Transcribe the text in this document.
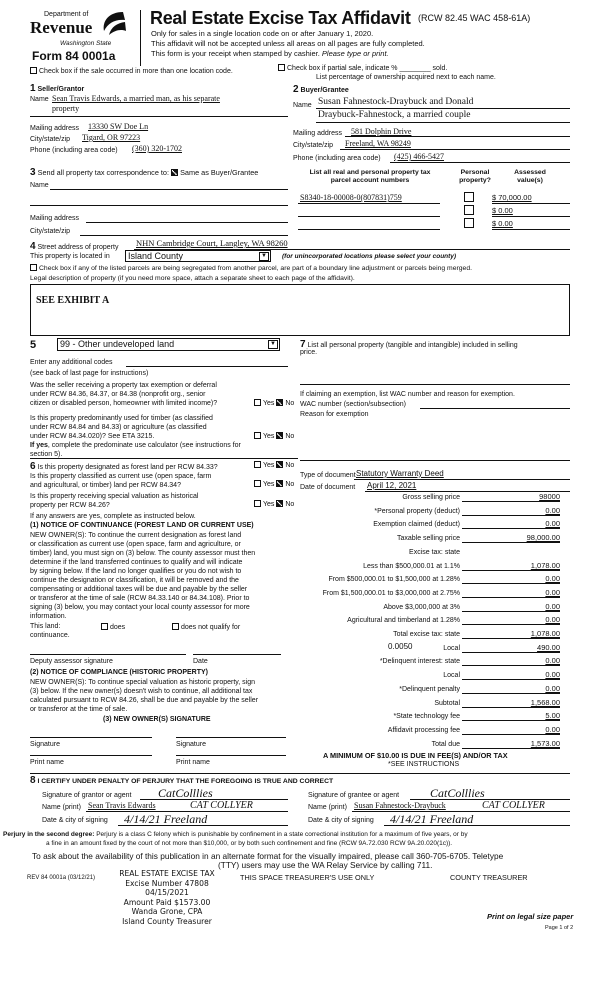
Department of
Revenue
Washington State
Form 84 0001a
Real Estate Excise Tax Affidavit (RCW 82.45 WAC 458-61A)
Only for sales in a single location code on or after January 1, 2020.
This affidavit will not be accepted unless all areas on all pages are fully completed.
This form is your receipt when stamped by cashier. Please type or print.
Check box if the sale occurred in more than one location code.	Check box if partial sale, indicate % ________ sold.
List percentage of ownership acquired next to each name.
1 Seller/Grantor
Name Sean Travis Edwards, a married man, as his separate
property
Mailing address 13330 SW Doe Ln
City/state/zip Tigard, OR 97223
Phone (including area code) (360) 320-1702
2 Buyer/Grantee
Name Susan Fahnestock-Draybuck and Donald
Draybuck-Fahnestock, a married couple
Mailing address 581 Dolphin Drive
City/state/zip Freeland, WA 98249
Phone (including area code) (425) 466-5427
3 Send all property tax correspondence to: Same as Buyer/Grantee
Name
Mailing address
City/state/zip
List all real and personal property tax
parcel account numbers
Personal
property?
Assessed
value(s)
S8340-18-00008-0(807831)759	$ 70,000.00
$ 0.00
$ 0.00
4 Street address of property NHN Cambridge Court, Langley, WA 98260
This property is located in	Island County	▼	(for unincorporated locations please select your county)
Check box if any of the listed parcels are being segregated from another parcel, are part of a boundary line adjustment or parcels being merged.
Legal description of property (if you need more space, attach a separate sheet to each page of the affidavit).
SEE EXHIBIT A
5	99 - Other undeveloped land	▼
Enter any additional codes
(see back of last page for instructions)

Was the seller receiving a property tax exemption or deferral
under RCW 84.36, 84.37, or 84.38 (nonprofit org., senior
citizen or disabled person, homeowner with limited income)?	Yes No

Is this property predominantly used for timber (as classified
under RCW 84.84 and 84.33) or agriculture (as classified
under RCW 84.34.020)? See ETA 3215.
If yes, complete the predominate use calculator (see instructions for
section 5).

Yes No
6 Is this property designated as forest land per RCW 84.33?	Yes No

Is this property classified as current use (open space, farm
and agricultural, or timber) land per RCW 84.34?	Yes No

Is this property receiving special valuation as historical
property per RCW 84.26?	Yes No
If any answers are yes, complete as instructed below.
(1) NOTICE OF CONTINUANCE (FOREST LAND OR CURRENT USE)

NEW OWNER(S): To continue the current designation as forest land
or classification as current use (open space, farm and agriculture, or
timber) land, you must sign on (3) below. The county assessor must then
determine if the land transferred continues to qualify and will indicate
by signing below. If the land no longer qualifies or you do not wish to
continue the designation or classification, it will be removed and the
compensating or additional taxes will be due and payable by the seller
or transferor at the time of sale (RCW 84.33.140 or 84.34.108). Prior to
signing (3) below, you may contact your local county assessor for more
information.

This land:
continuance.
does	does not qualify for
Deputy assessor signature	Date
(2) NOTICE OF COMPLIANCE (HISTORIC PROPERTY)

NEW OWNER(S): To continue special valuation as historic property, sign
(3) below. If the new owner(s) doesn't wish to continue, all additional tax
calculated pursuant to RCW 84.26, shall be due and payable by the seller
or transferor at the time of sale.

(3) NEW OWNER(S) SIGNATURE
Signature	Signature
Print name	Print name
7 List all personal property (tangible and intangible) included in selling
price.
If claiming an exemption, list WAC number and reason for exemption.
WAC number (section/subsection)
Reason for exemption
Type of document Statutory Warranty Deed
Date of document April 12, 2021
Gross selling price	98000
*Personal property (deduct)	0.00
Exemption claimed (deduct)	0.00
Taxable selling price	98,000.00
Excise tax: state
Less than $500,000.01 at 1.1%	1,078.00
From $500,000.01 to $1,500,000 at 1.28%	0.00
From $1,500,000.01 to $3,000,000 at 2.75%	0.00
Above $3,000,000 at 3%	0.00
Agricultural and timberland at 1.28%	0.00
Total excise tax: state	1,078.00
Local	490.00
*Delinquent interest: state	0.00
Local	0.00
*Delinquent penalty	0.00
Subtotal	1,568.00
*State technology fee	5.00
Affidavit processing fee	0.00
Total due	1,573.00
0.0050
A MINIMUM OF $10.00 IS DUE IN FEE(S) AND/OR TAX
*SEE INSTRUCTIONS
8 I CERTIFY UNDER PENALTY OF PERJURY THAT THE FOREGOING IS TRUE AND CORRECT
Signature of grantor or agent CatColllies
Name (print) Sean Travis Edwards	CAT COLLYER
Date & city of signing 4/14/21 Freeland
Signature of grantee or agent	CatColllies
Name (print) Susan Fahnestock-Draybuck	CAT COLLYER
Date & city of signing 4/14/21 Freeland
Perjury in the second degree: Perjury is a class C felony which is punishable by confinement in a state correctional institution for a maximum of five years, or by
a fine in an amount fixed by the court of not more than $10,000, or by both such confinement and fine (RCW 9A.72.030 RCW 9A.20.020(1c)).
To ask about the availability of this publication in an alternate format for the visually impaired, please call 360-705-6705. Teletype
(TTY) users may use the WA Relay Service by calling 711.
REV 84 0001a (03/12/21)	REAL ESTATE EXCISE TAX
Excise Number 47808
04/15/2021
Amount Paid $1573.00
Wanda Grone, CPA
Island County Treasurer
THIS SPACE TREASURER'S USE ONLY	COUNTY TREASURER
Print on legal size paper
Page 1 of 2
